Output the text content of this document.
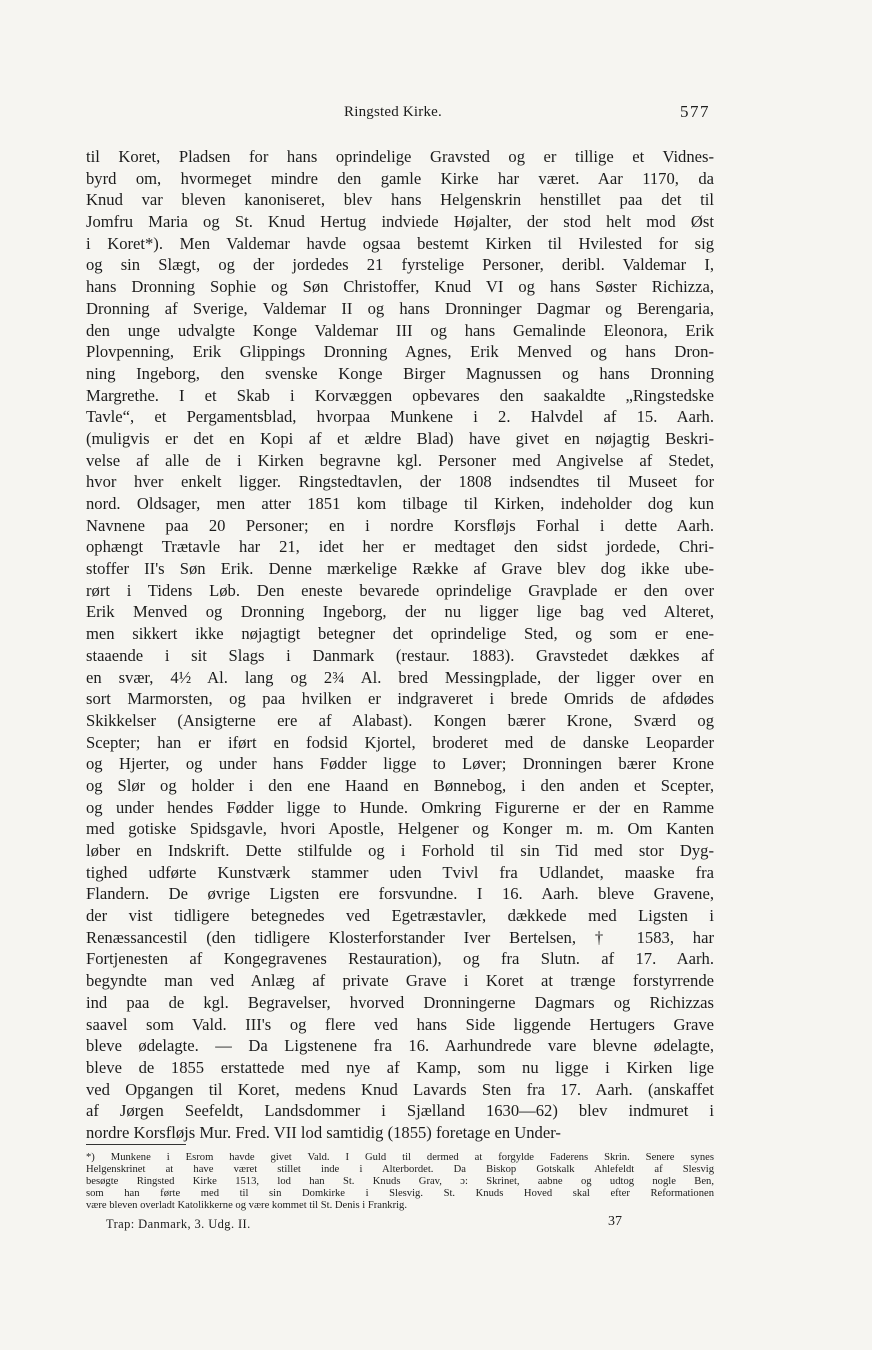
Ringsted Kirke.	577
til Koret, Pladsen for hans oprindelige Gravsted og er tillige et Vidnes-
byrd om, hvormeget mindre den gamle Kirke har været. Aar 1170, da
Knud var bleven kanoniseret, blev hans Helgenskrin henstillet paa det til
Jomfru Maria og St. Knud Hertug indviede Højalter, der stod helt mod Øst
i Koret*). Men Valdemar havde ogsaa bestemt Kirken til Hvilested for sig
og sin Slægt, og der jordedes 21 fyrstelige Personer, deribl. Valdemar I,
hans Dronning Sophie og Søn Christoffer, Knud VI og hans Søster Richizza,
Dronning af Sverige, Valdemar II og hans Dronninger Dagmar og Berengaria,
den unge udvalgte Konge Valdemar III og hans Gemalinde Eleonora, Erik
Plovpenning, Erik Glippings Dronning Agnes, Erik Menved og hans Dron-
ning Ingeborg, den svenske Konge Birger Magnussen og hans Dronning
Margrethe. I et Skab i Korvæggen opbevares den saakaldte „Ringstedske
Tavle“, et Pergamentsblad, hvorpaa Munkene i 2. Halvdel af 15. Aarh.
(muligvis er det en Kopi af et ældre Blad) have givet en nøjagtig Beskri-
velse af alle de i Kirken begravne kgl. Personer med Angivelse af Stedet,
hvor hver enkelt ligger. Ringstedtavlen, der 1808 indsendtes til Museet for
nord. Oldsager, men atter 1851 kom tilbage til Kirken, indeholder dog kun
Navnene paa 20 Personer; en i nordre Korsfløjs Forhal i dette Aarh.
ophængt Trætavle har 21, idet her er medtaget den sidst jordede, Chri-
stoffer II's Søn Erik. Denne mærkelige Række af Grave blev dog ikke ube-
rørt i Tidens Løb. Den eneste bevarede oprindelige Gravplade er den over
Erik Menved og Dronning Ingeborg, der nu ligger lige bag ved Alteret,
men sikkert ikke nøjagtigt betegner det oprindelige Sted, og som er ene-
staaende i sit Slags i Danmark (restaur. 1883). Gravstedet dækkes af
en svær, 4½ Al. lang og 2¾ Al. bred Messingplade, der ligger over en
sort Marmorsten, og paa hvilken er indgraveret i brede Omrids de afdødes
Skikkelser (Ansigterne ere af Alabast). Kongen bærer Krone, Sværd og
Scepter; han er iført en fodsid Kjortel, broderet med de danske Leoparder
og Hjerter, og under hans Fødder ligge to Løver; Dronningen bærer Krone
og Slør og holder i den ene Haand en Bønnebog, i den anden et Scepter,
og under hendes Fødder ligge to Hunde. Omkring Figurerne er der en Ramme
med gotiske Spidsgavle, hvori Apostle, Helgener og Konger m. m. Om Kanten
løber en Indskrift. Dette stilfulde og i Forhold til sin Tid med stor Dyg-
tighed udførte Kunstværk stammer uden Tvivl fra Udlandet, maaske fra
Flandern. De øvrige Ligsten ere forsvundne. I 16. Aarh. bleve Gravene,
der vist tidligere betegnedes ved Egetræstavler, dækkede med Ligsten i
Renæssancestil (den tidligere Klosterforstander Iver Bertelsen, † 1583, har
Fortjenesten af Kongegravenes Restauration), og fra Slutn. af 17. Aarh.
begyndte man ved Anlæg af private Grave i Koret at trænge forstyrrende
ind paa de kgl. Begravelser, hvorved Dronningerne Dagmars og Richizzas
saavel som Vald. III's og flere ved hans Side liggende Hertugers Grave
bleve ødelagte. — Da Ligstenene fra 16. Aarhundrede vare blevne ødelagte,
bleve de 1855 erstattede med nye af Kamp, som nu ligge i Kirken lige
ved Opgangen til Koret, medens Knud Lavards Sten fra 17. Aarh. (anskaffet
af Jørgen Seefeldt, Landsdommer i Sjælland 1630—62) blev indmuret i
nordre Korsfløjs Mur. Fred. VII lod samtidig (1855) foretage en Under-
*) Munkene i Esrom havde givet Vald. I Guld til dermed at forgylde Faderens Skrin. Senere synes
Helgenskrinet at have været stillet inde i Alterbordet. Da Biskop Gotskalk Ahlefeldt af Slesvig
besøgte Ringsted Kirke 1513, lod han St. Knuds Grav, ɔ: Skrinet, aabne og udtog nogle Ben,
som han førte med til sin Domkirke i Slesvig. St. Knuds Hoved skal efter Reformationen
være bleven overladt Katolikkerne og være kommet til St. Denis i Frankrig.
Trap: Danmark, 3. Udg. II.	37
